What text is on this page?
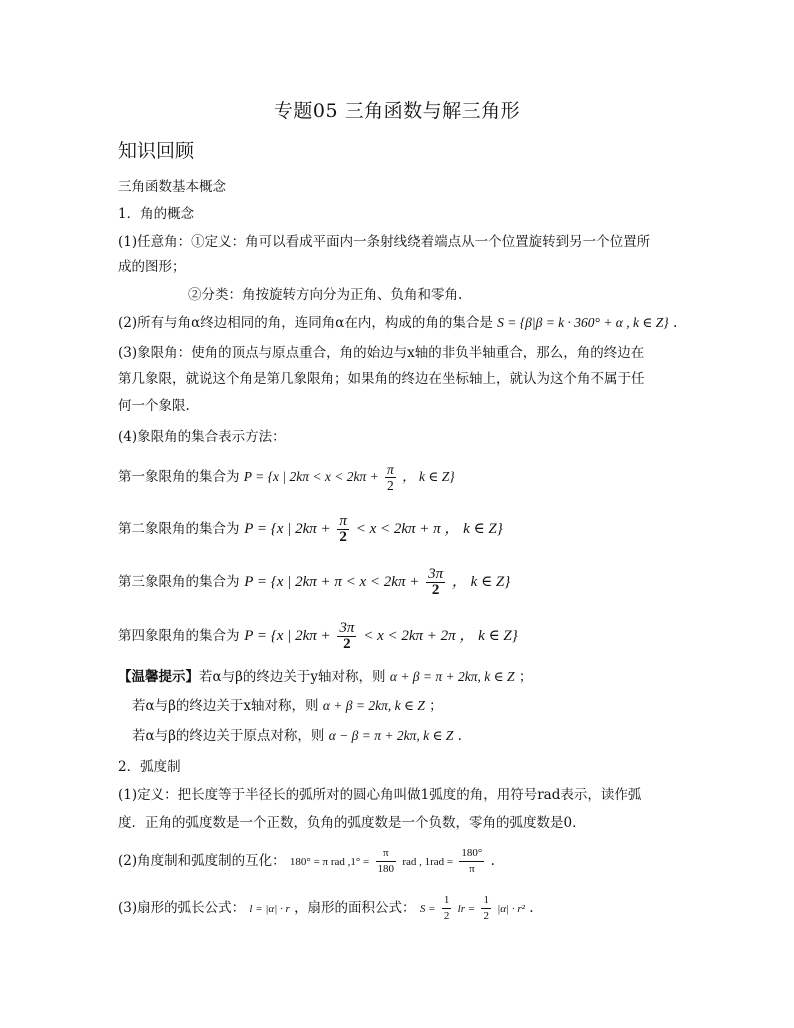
专题05 三角函数与解三角形
知识回顾
三角函数基本概念
1．角的概念
(1)任意角：①定义：角可以看成平面内一条射线绕着端点从一个位置旋转到另一个位置所
成的图形；
②分类：角按旋转方向分为正角、负角和零角.
(2)所有与角α终边相同的角，连同角α在内，构成的角的集合是 S = {β|β = k · 360° + α , k ∈ Z} .
(3)象限角：使角的顶点与原点重合，角的始边与x轴的非负半轴重合，那么，角的终边在
第几象限，就说这个角是第几象限角；如果角的终边在坐标轴上，就认为这个角不属于任
何一个象限.
(4)象限角的集合表示方法：
第一象限角的集合为 P = {x | $2k\pi < x < 2k\pi + \frac{\pi}{2}$ ， k ∈ Z}
第二象限角的集合为 P = {x | $2k\pi + \frac{\pi}{2} < x < 2k\pi + \pi$ ， k ∈ Z}
第三象限角的集合为 P = {x | $2k\pi + \pi < x < 2k\pi + \frac{3\pi}{2}$ ， k ∈ Z}
第四象限角的集合为 P = {x | $2k\pi + \frac{3\pi}{2} < x < 2k\pi + 2\pi$ ， k ∈ Z}
【温馨提示】若α与β的终边关于y轴对称，则 α + β = π + 2kπ, k ∈ Z ；
若α与β的终边关于x轴对称，则 α + β = 2kπ, k ∈ Z ；
若α与β的终边关于原点对称，则 α − β = π + 2kπ, k ∈ Z .
2．弧度制
(1)定义：把长度等于半径长的弧所对的圆心角叫做1弧度的角，用符号rad表示，读作弧
度．正角的弧度数是一个正数，负角的弧度数是一个负数，零角的弧度数是0．
(2)角度制和弧度制的互化： 180° = π rad $,1^\circ = \frac{\pi}{180}$ rad , $1rad = \frac{180^\circ}{\pi}$ .
(3)扇形的弧长公式： l = |α| · r ，扇形的面积公式： $S = \frac{1}{2}$ lr = $\frac{1}{2} |\alpha| \cdot r^2$ .
